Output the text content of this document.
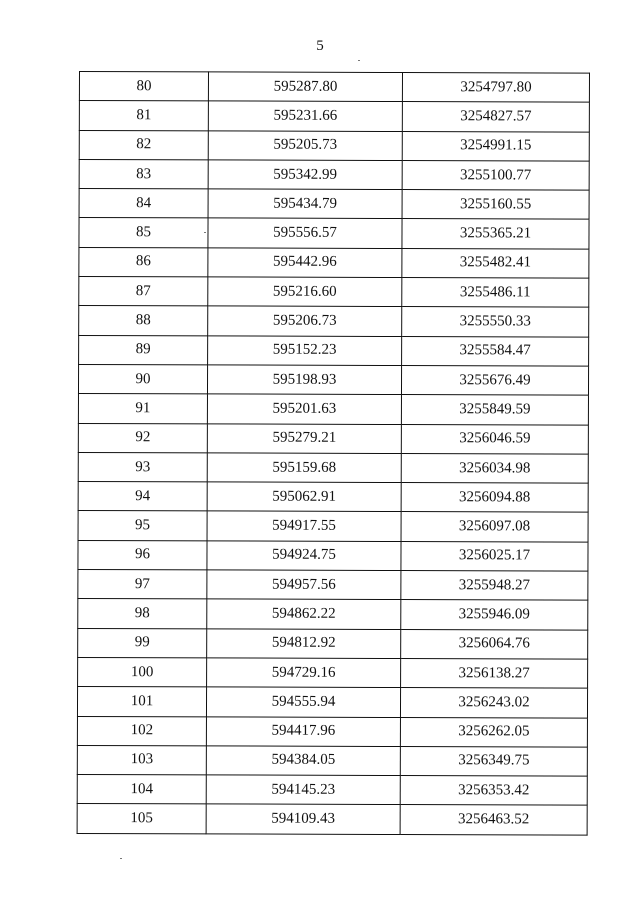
5
80	595287.80	3254797.80
81	595231.66	3254827.57
82	595205.73	3254991.15
83	595342.99	3255100.77
84	595434.79	3255160.55
85	595556.57	3255365.21
86	595442.96	3255482.41
87	595216.60	3255486.11
88	595206.73	3255550.33
89	595152.23	3255584.47
90	595198.93	3255676.49
91	595201.63	3255849.59
92	595279.21	3256046.59
93	595159.68	3256034.98
94	595062.91	3256094.88
95	594917.55	3256097.08
96	594924.75	3256025.17
97	594957.56	3255948.27
98	594862.22	3255946.09
99	594812.92	3256064.76
100	594729.16	3256138.27
101	594555.94	3256243.02
102	594417.96	3256262.05
103	594384.05	3256349.75
104	594145.23	3256353.42
105	594109.43	3256463.52
